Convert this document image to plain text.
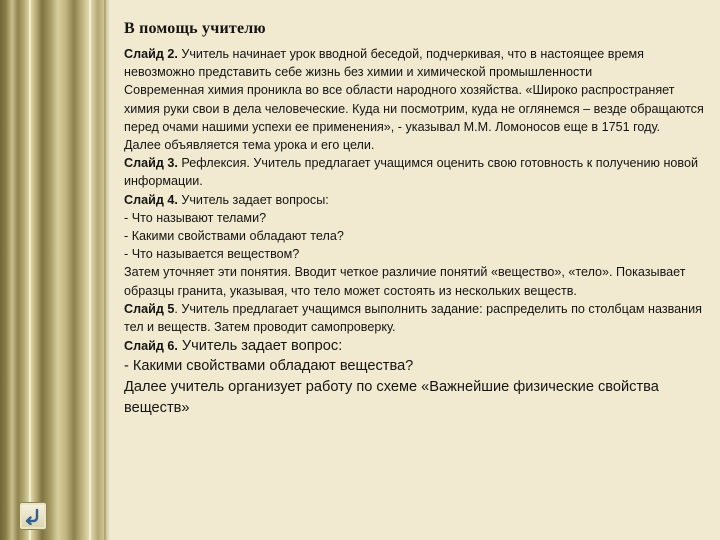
В помощь учителю

Слайд 2. Учитель начинает урок вводной беседой, подчеркивая, что в настоящее время невозможно представить себе жизнь без химии и химической промышленности

Современная химия проникла во все области народного хозяйства. «Широко распространяет химия руки свои в дела человеческие. Куда ни посмотрим, куда не оглянемся – везде обращаются перед очами нашими успехи ее применения», - указывал М.М. Ломоносов еще в 1751 году.

Далее объявляется тема урока и его цели.

Слайд 3. Рефлексия. Учитель предлагает учащимся оценить свою готовность к получению новой информации.

Слайд 4. Учитель задает вопросы:

- Что называют телами?

- Какими свойствами обладают тела?

- Что называется веществом?

Затем уточняет эти понятия. Вводит четкое различие понятий «вещество», «тело». Показывает образцы гранита, указывая, что тело может состоять из нескольких веществ.

Слайд 5. Учитель предлагает учащимся выполнить задание: распределить по столбцам названия тел и веществ. Затем проводит самопроверку.

Слайд 6. Учитель задает вопрос:

- Какими свойствами обладают вещества?

Далее учитель организует работу по схеме «Важнейшие физические свойства веществ»
